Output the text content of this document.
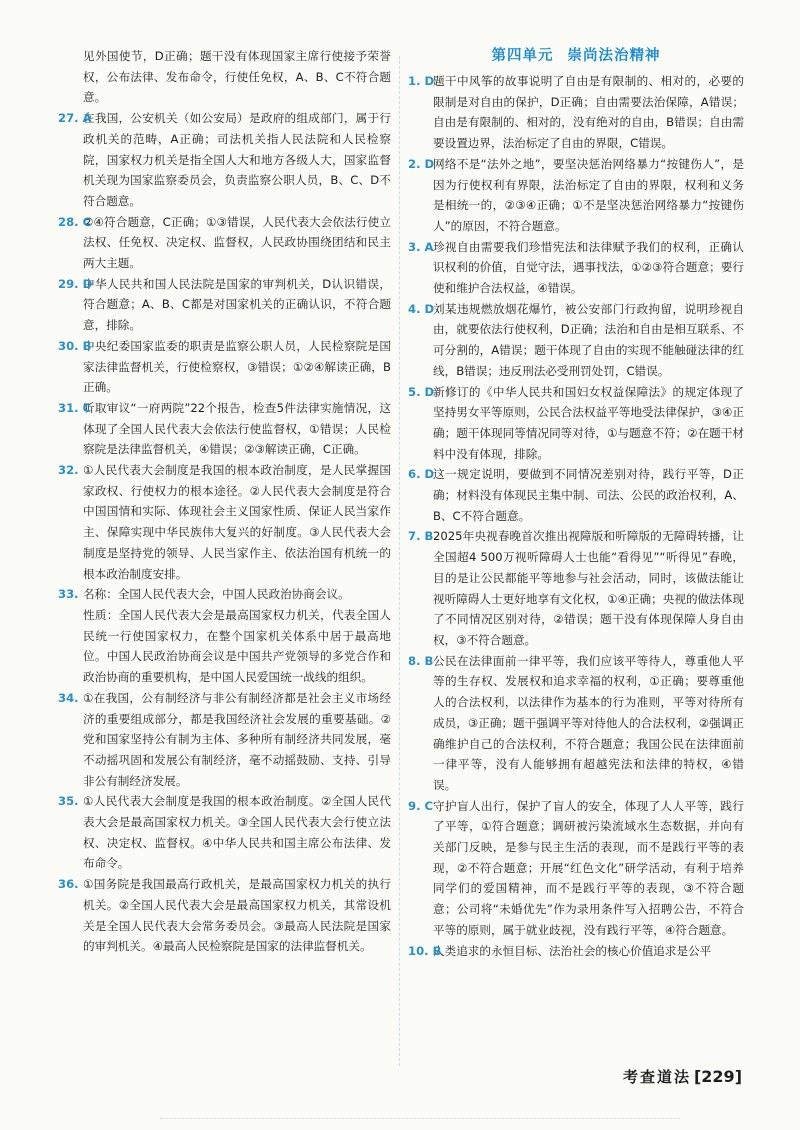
见外国使节，D正确；题干没有体现国家主席行使接予荣誉权，公布法律、发布命令，行使任免权，A、B、C不符合题意。
27. A
在我国，公安机关（如公安局）是政府的组成部门，属于行政机关的范畴，A正确；司法机关指人民法院和人民检察院，国家权力机关是指全国人大和地方各级人大，国家监督机关现为国家监察委员会，负责监察公职人员，B、C、D不符合题意。
28. C
②④符合题意，C正确；①③错误，人民代表大会依法行使立法权、任免权、决定权、监督权，人民政协围绕团结和民主两大主题。
29. D
中华人民共和国人民法院是国家的审判机关，D认识错误，符合题意；A、B、C都是对国家机关的正确认识，不符合题意，排除。
30. B
中央纪委国家监委的职责是监察公职人员，人民检察院是国家法律监督机关，行使检察权，③错误；①②④解读正确，B正确。
31. C
听取审议“一府两院”22个报告，检查5件法律实施情况，这体现了全国人民代表大会依法行使监督权，①错误；人民检察院是法律监督机关，④错误；②③解读正确，C正确。
32. ①人民代表大会制度是我国的根本政治制度，是人民掌握国家政权、行使权力的根本途径。②人民代表大会制度是符合中国国情和实际、体现社会主义国家性质、保证人民当家作主、保障实现中华民族伟大复兴的好制度。③人民代表大会制度是坚持党的领导、人民当家作主、依法治国有机统一的根本政治制度安排。
33. 名称：全国人民代表大会，中国人民政治协商会议。
性质：全国人民代表大会是最高国家权力机关，代表全国人民统一行使国家权力，在整个国家机关体系中居于最高地位。中国人民政治协商会议是中国共产党领导的多党合作和政治协商的重要机构，是中国人民爱国统一战线的组织。
34. ①在我国，公有制经济与非公有制经济都是社会主义市场经济的重要组成部分，都是我国经济社会发展的重要基础。②党和国家坚持公有制为主体、多种所有制经济共同发展，毫不动摇巩固和发展公有制经济，毫不动摇鼓励、支持、引导非公有制经济发展。
35. ①人民代表大会制度是我国的根本政治制度。②全国人民代表大会是最高国家权力机关。③全国人民代表大会行使立法权、决定权、监督权。④中华人民共和国主席公布法律、发布命令。
36. ①国务院是我国最高行政机关，是最高国家权力机关的执行机关。②全国人民代表大会是最高国家权力机关，其常设机关是全国人民代表大会常务委员会。③最高人民法院是国家的审判机关。④最高人民检察院是国家的法律监督机关。
第四单元 崇尚法治精神
1. D
题干中风筝的故事说明了自由是有限制的、相对的，必要的限制是对自由的保护，D正确；自由需要法治保障，A错误；自由是有限制的、相对的，没有绝对的自由，B错误；自由需要设置边界，法治标定了自由的界限，C错误。
2. D
网络不是“法外之地”，要坚决惩治网络暴力“按键伤人”，是因为行使权利有界限，法治标定了自由的界限，权利和义务是相统一的，②③④正确；①不是坚决惩治网络暴力“按键伤人”的原因，不符合题意。
3. A 珍视自由需要我们珍惜宪法和法律赋予我们的权利，正确认识权利的价值，自觉守法，遇事找法，①②③符合题意；要行使和维护合法权益，④错误。
4. D
刘某违规燃放烟花爆竹，被公安部门行政拘留，说明珍视自由，就要依法行使权利，D正确；法治和自由是相互联系、不可分割的，A错误；题干体现了自由的实现不能触碰法律的红线，B错误；违反刑法必受刑罚处罚，C错误。
5. D
新修订的《中华人民共和国妇女权益保障法》的规定体现了坚持男女平等原则，公民合法权益平等地受法律保护，③④正确；题干体现同等情况同等对待，①与题意不符；②在题干材料中没有体现，排除。
6. D
这一规定说明，要做到不同情况差别对待，践行平等，D正确；材料没有体现民主集中制、司法、公民的政治权利，A、B、C不符合题意。
7. B 2025年央视春晚首次推出视障版和听障版的无障碍转播，让全国超4 500万视听障碍人士也能“看得见”“听得见”春晚，目的是让公民都能平等地参与社会活动，同时，该做法能让视听障碍人士更好地享有文化权，①④正确；央视的做法体现了不同情况区别对待，②错误；题干没有体现保障人身自由权，③不符合题意。
8. B 公民在法律面前一律平等，我们应该平等待人，尊重他人平等的生存权、发展权和追求幸福的权利，①正确；要尊重他人的合法权利，以法律作为基本的行为准则，平等对待所有成员，③正确；题干强调平等对待他人的合法权利，②强调正确维护自己的合法权利，不符合题意；我国公民在法律面前一律平等，没有人能够拥有超越宪法和法律的特权，④错误。
9. C 守护盲人出行，保护了盲人的安全，体现了人人平等，践行了平等，①符合题意；调研被污染流域水生态数据，并向有关部门反映，是参与民主生活的表现，而不是践行平等的表现，②不符合题意；开展“红色文化”研学活动，有利于培养同学们的爱国精神，而不是践行平等的表现，③不符合题意；公司将“未婚优先”作为录用条件写入招聘公告，不符合平等的原则，属于就业歧视，没有践行平等，④符合题意。
10. B
人类追求的永恒目标、法治社会的核心价值追求是公平
考查道法 [229]
